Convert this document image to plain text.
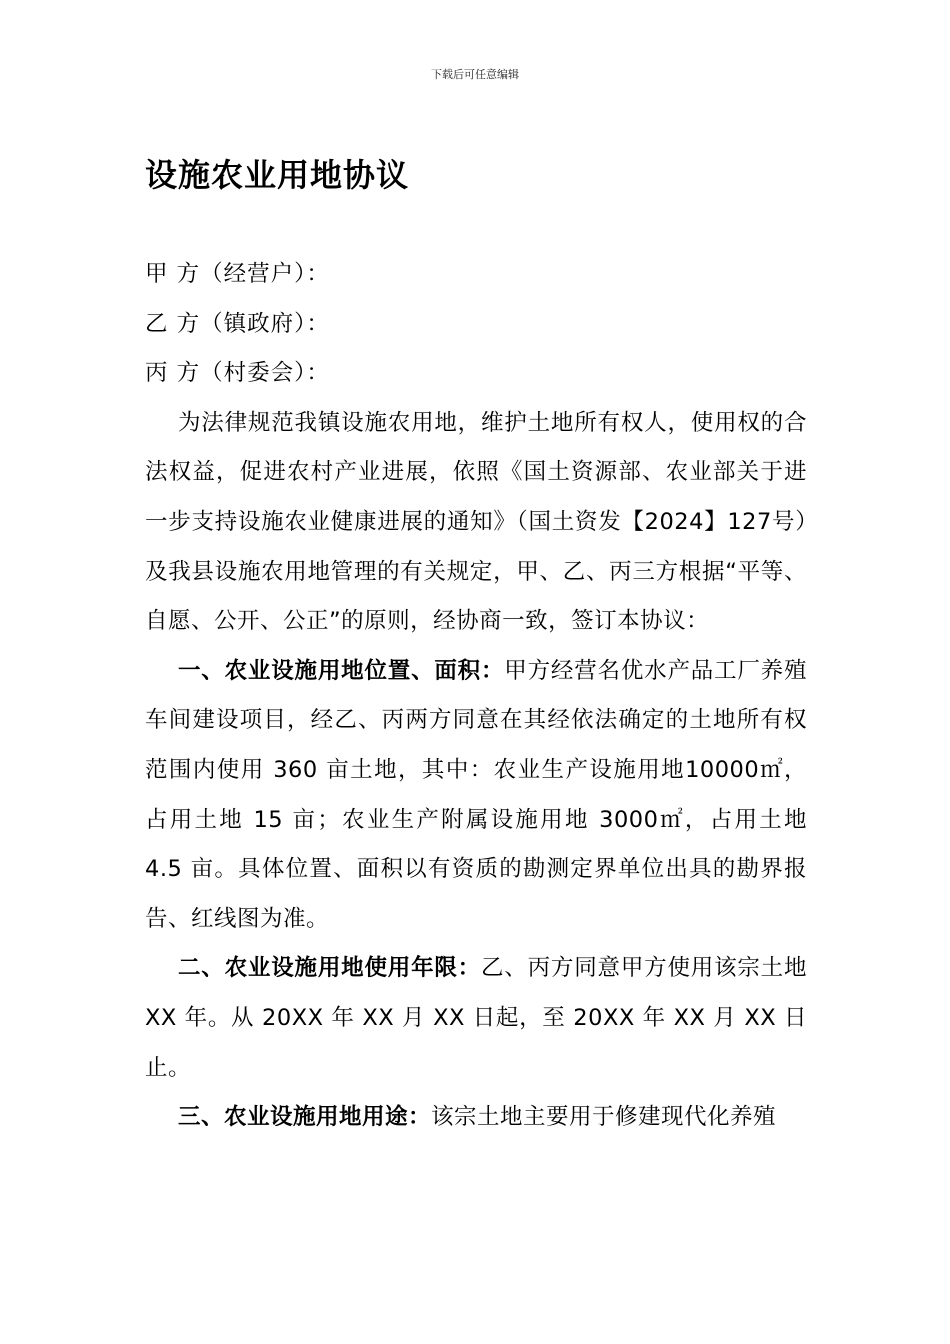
下载后可任意编辑
设施农业用地协议

甲 方（经营户）：

乙 方（镇政府）：

丙 方（村委会）：

为法律规范我镇设施农用地，维护土地所有权人，使用权的合法权益，促进农村产业进展，依照《国土资源部、农业部关于进一步支持设施农业健康进展的通知》（国土资发【2024】127号）及我县设施农用地管理的有关规定，甲、乙、丙三方根据“平等、自愿、公开、公正”的原则，经协商一致，签订本协议：

一、农业设施用地位置、面积：甲方经营名优水产品工厂养殖车间建设项目，经乙、丙两方同意在其经依法确定的土地所有权范围内使用 360 亩土地，其中：农业生产设施用地10000㎡，占用土地 15 亩；农业生产附属设施用地 3000㎡，占用土地 4.5 亩。具体位置、面积以有资质的勘测定界单位出具的勘界报告、红线图为准。

二、农业设施用地使用年限：乙、丙方同意甲方使用该宗土地 XX 年。从 20XX 年 XX 月 XX 日起，至 20XX 年 XX 月 XX 日止。

三、农业设施用地用途：该宗土地主要用于修建现代化养殖
